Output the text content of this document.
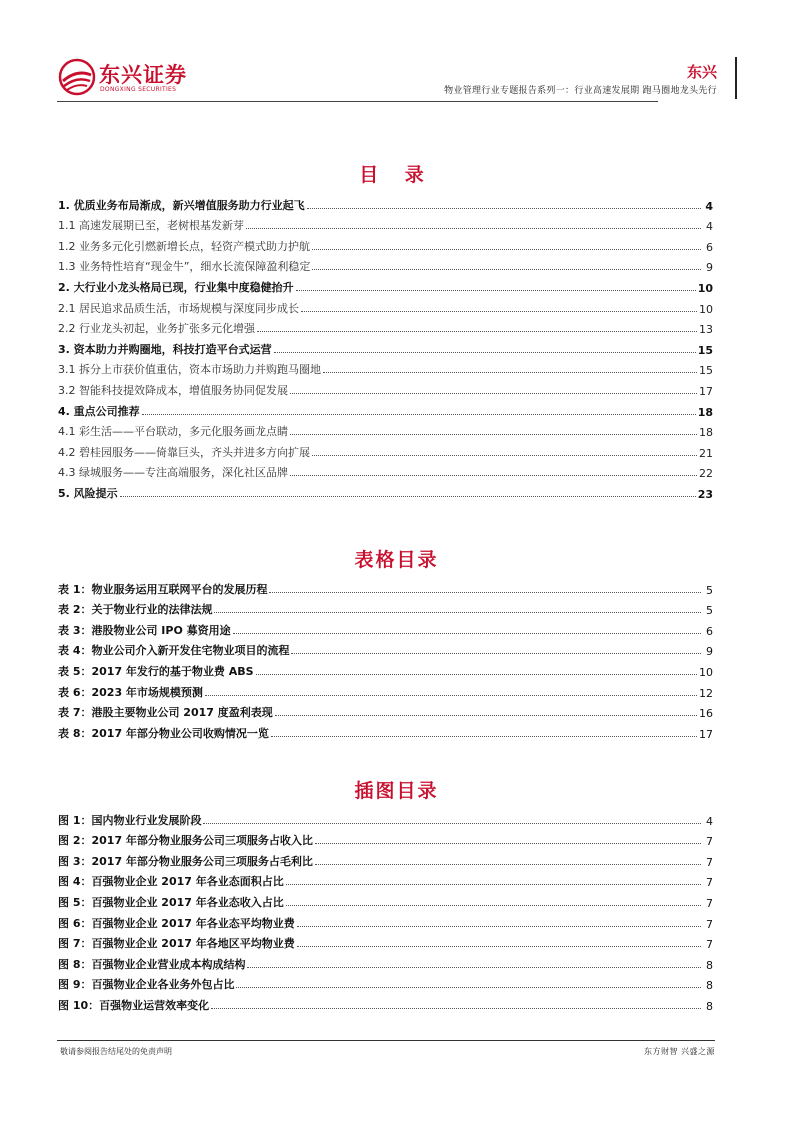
东兴证券
DONGXING SECURITIES
东兴
物业管理行业专题报告系列一：行业高速发展期 跑马圈地龙头先行
目 录
1. 优质业务布局渐成，新兴增值服务助力行业起飞	4
1.1 高速发展期已至，老树根基发新芽	4
1.2 业务多元化引燃新增长点，轻资产模式助力护航	6
1.3 业务特性培育“现金牛”，细水长流保障盈利稳定	9
2. 大行业小龙头格局已现，行业集中度稳健抬升	10
2.1 居民追求品质生活，市场规模与深度同步成长	10
2.2 行业龙头初起，业务扩张多元化增强	13
3. 资本助力并购圈地，科技打造平台式运营	15
3.1 拆分上市获价值重估，资本市场助力并购跑马圈地	15
3.2 智能科技提效降成本，增值服务协同促发展	17
4. 重点公司推荐	18
4.1 彩生活——平台联动，多元化服务画龙点睛	18
4.2 碧桂园服务——倚靠巨头，齐头并进多方向扩展	21
4.3 绿城服务——专注高端服务，深化社区品牌	22
5. 风险提示	23
表格目录
表 1：物业服务运用互联网平台的发展历程	5
表 2：关于物业行业的法律法规	5
表 3：港股物业公司 IPO 募资用途	6
表 4：物业公司介入新开发住宅物业项目的流程	9
表 5：2017 年发行的基于物业费 ABS	10
表 6：2023 年市场规模预测	12
表 7：港股主要物业公司 2017 度盈利表现	16
表 8：2017 年部分物业公司收购情况一览	17
插图目录
图 1：国内物业行业发展阶段	4
图 2：2017 年部分物业服务公司三项服务占收入比	7
图 3：2017 年部分物业服务公司三项服务占毛利比	7
图 4：百强物业企业 2017 年各业态面积占比	7
图 5：百强物业企业 2017 年各业态收入占比	7
图 6：百强物业企业 2017 年各业态平均物业费	7
图 7：百强物业企业 2017 年各地区平均物业费	7
图 8：百强物业企业营业成本构成结构	8
图 9：百强物业企业各业务外包占比	8
图 10：百强物业运营效率变化	8
敬请参阅报告结尾处的免责声明	东方财智 兴盛之源
